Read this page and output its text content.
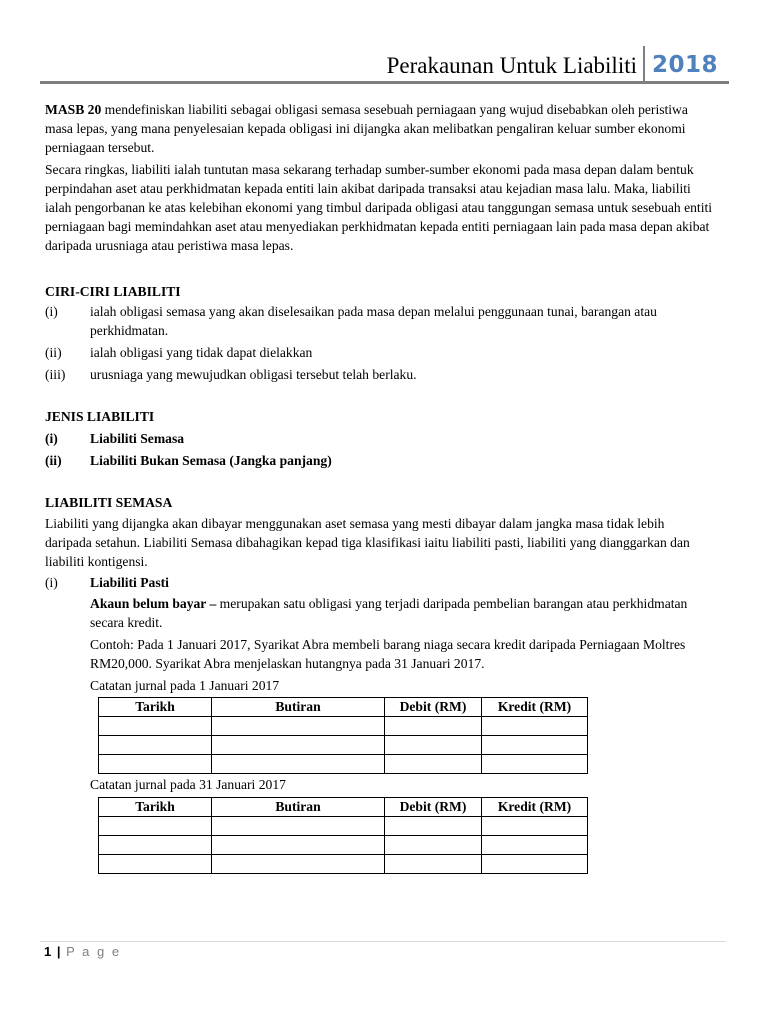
Perakaunan Untuk Liabiliti 2018
MASB 20 mendefiniskan liabiliti sebagai obligasi semasa sesebuah perniagaan yang wujud disebabkan oleh peristiwa
masa lepas, yang mana penyelesaian kepada obligasi ini dijangka akan melibatkan pengaliran keluar sumber ekonomi
perniagaan tersebut.
Secara ringkas, liabiliti ialah tuntutan masa sekarang terhadap sumber-sumber ekonomi pada masa depan dalam bentuk
perpindahan aset atau perkhidmatan kepada entiti lain akibat daripada transaksi atau kejadian masa lalu. Maka, liabiliti
ialah pengorbanan ke atas kelebihan ekonomi yang timbul daripada obligasi atau tanggungan semasa untuk sesebuah entiti
perniagaan bagi memindahkan aset atau menyediakan perkhidmatan kepada entiti perniagaan lain pada masa depan akibat
daripada urusniaga atau peristiwa masa lepas.
CIRI-CIRI LIABILITI
(i) ialah obligasi semasa yang akan diselesaikan pada masa depan melalui penggunaan tunai, barangan atau
perkhidmatan.
(ii) ialah obligasi yang tidak dapat dielakkan
(iii) urusniaga yang mewujudkan obligasi tersebut telah berlaku.
JENIS LIABILITI
(i) Liabiliti Semasa
(ii) Liabiliti Bukan Semasa (Jangka panjang)
LIABILITI SEMASA
Liabiliti yang dijangka akan dibayar menggunakan aset semasa yang mesti dibayar dalam jangka masa tidak lebih
daripada setahun. Liabiliti Semasa dibahagikan kepad tiga klasifikasi iaitu liabiliti pasti, liabiliti yang dianggarkan dan
liabiliti kontigensi.
(i) Liabiliti Pasti
Akaun belum bayar – merupakan satu obligasi yang terjadi daripada pembelian barangan atau perkhidmatan
secara kredit.
Contoh: Pada 1 Januari 2017, Syarikat Abra membeli barang niaga secara kredit daripada Perniagaan Moltres
RM20,000. Syarikat Abra menjelaskan hutangnya pada 31 Januari 2017.
Catatan jurnal pada 1 Januari 2017
Tarikh	Butiran	Debit (RM)	Kredit (RM)

Catatan jurnal pada 31 Januari 2017
Tarikh	Butiran	Debit (RM)	Kredit (RM)

1 | P a g e
